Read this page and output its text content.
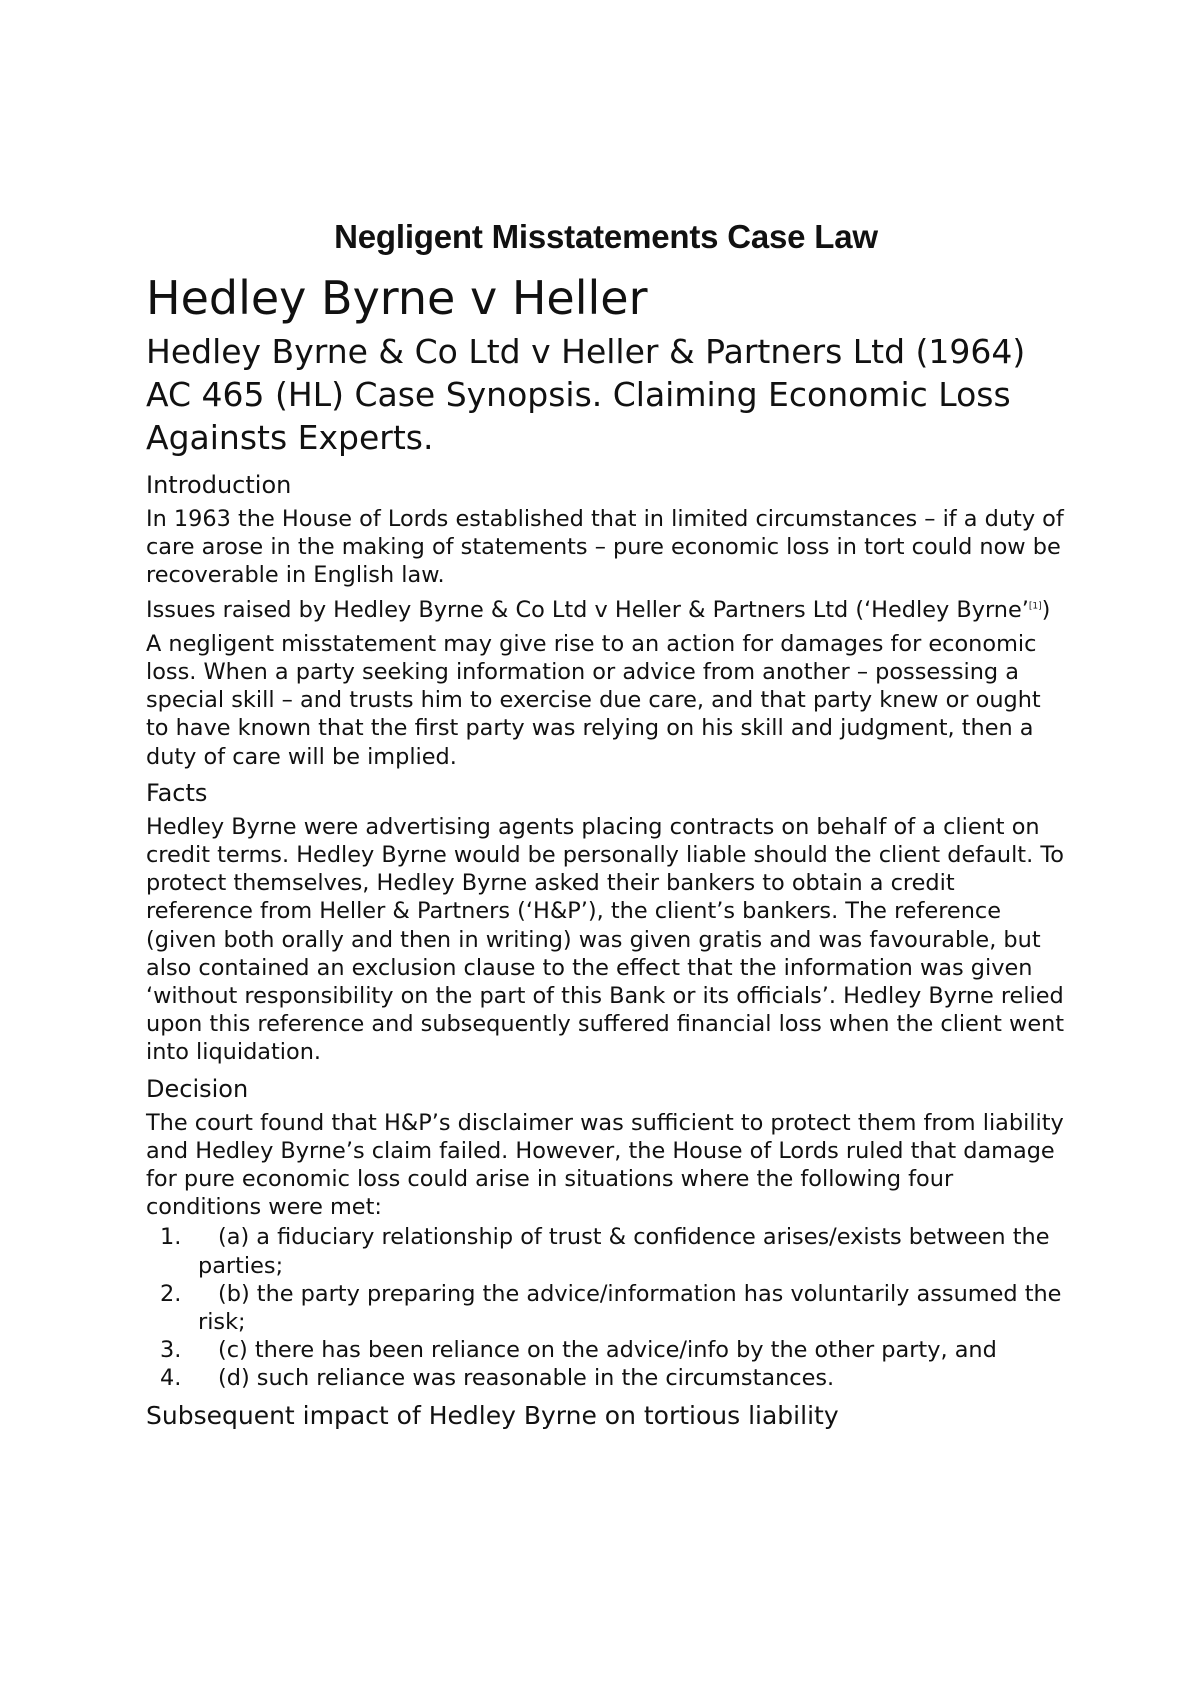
Negligent Misstatements Case Law
Hedley Byrne v Heller
Hedley Byrne & Co Ltd v Heller & Partners Ltd (1964) AC 465 (HL) Case Synopsis. Claiming Economic Loss Againsts Experts.
Introduction

In 1963 the House of Lords established that in limited circumstances – if a duty of care arose in the making of statements – pure economic loss in tort could now be recoverable in English law.

Issues raised by Hedley Byrne & Co Ltd v Heller & Partners Ltd (‘Hedley Byrne’[1])

A negligent misstatement may give rise to an action for damages for economic loss. When a party seeking information or advice from another – possessing a special skill – and trusts him to exercise due care, and that party knew or ought to have known that the first party was relying on his skill and judgment, then a duty of care will be implied.

Facts

Hedley Byrne were advertising agents placing contracts on behalf of a client on credit terms. Hedley Byrne would be personally liable should the client default. To protect themselves, Hedley Byrne asked their bankers to obtain a credit reference from Heller & Partners (‘H&P’), the client’s bankers. The reference (given both orally and then in writing) was given gratis and was favourable, but also contained an exclusion clause to the effect that the information was given ‘without responsibility on the part of this Bank or its officials’. Hedley Byrne relied upon this reference and subsequently suffered financial loss when the client went into liquidation.

Decision

The court found that H&P’s disclaimer was sufficient to protect them from liability and Hedley Byrne’s claim failed. However, the House of Lords ruled that damage for pure economic loss could arise in situations where the following four conditions were met:

1. (a) a fiduciary relationship of trust & confidence arises/exists between the parties;
2. (b) the party preparing the advice/information has voluntarily assumed the risk;
3. (c) there has been reliance on the advice/info by the other party, and
4. (d) such reliance was reasonable in the circumstances.
Subsequent impact of Hedley Byrne on tortious liability
